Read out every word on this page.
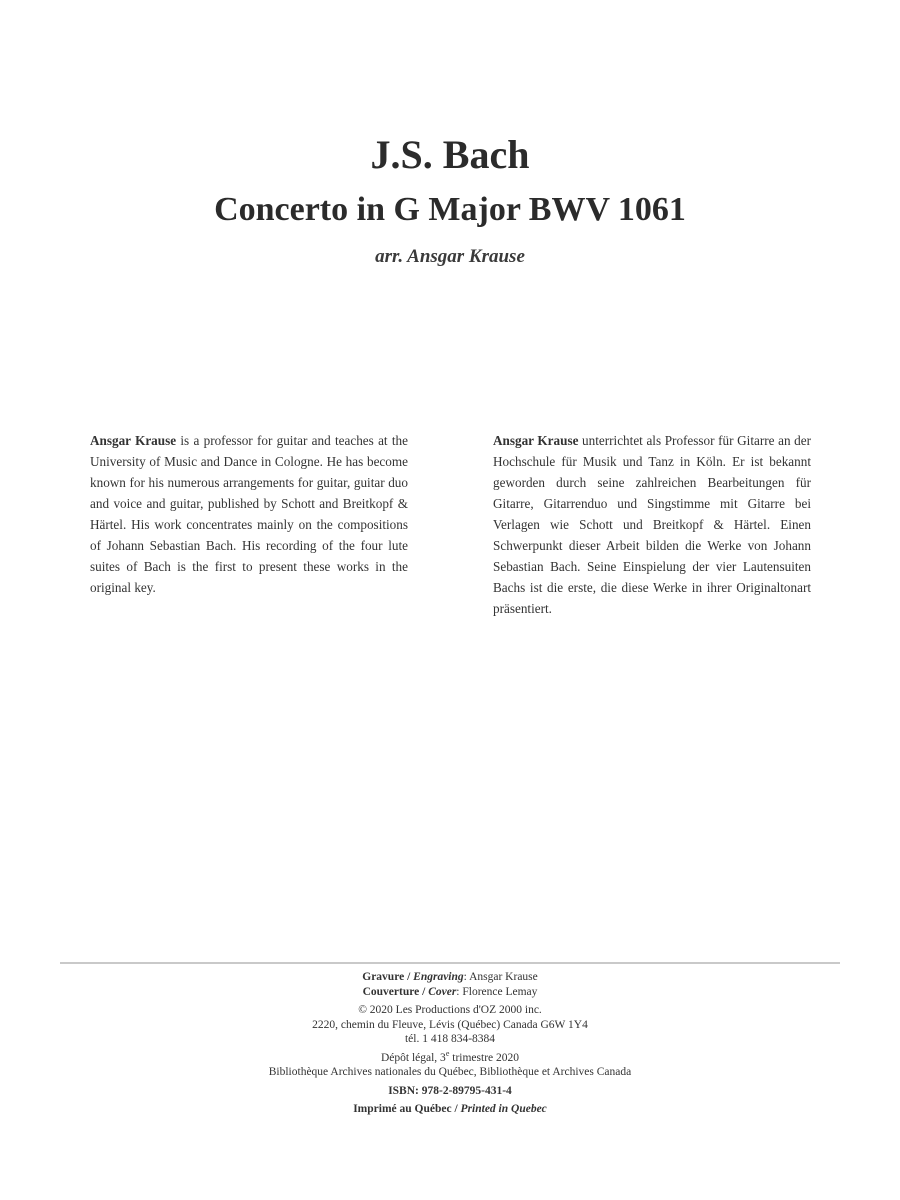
J.S. Bach
Concerto in G Major BWV 1061

arr. Ansgar Krause

Ansgar Krause is a professor for guitar and teaches at the University of Music and Dance in Cologne. He has become known for his numerous arrangements for guitar, guitar duo and voice and guitar, published by Schott and Breitkopf & Härtel. His work concentrates mainly on the compositions of Johann Sebastian Bach. His recording of the four lute suites of Bach is the first to present these works in the original key.
Ansgar Krause unterrichtet als Professor für Gitarre an der Hochschule für Musik und Tanz in Köln. Er ist bekannt geworden durch seine zahlreichen Bearbeitungen für Gitarre, Gitarrenduo und Singstimme mit Gitarre bei Verlagen wie Schott und Breitkopf & Härtel. Einen Schwerpunkt dieser Arbeit bilden die Werke von Johann Sebastian Bach. Seine Einspielung der vier Lautensuiten Bachs ist die erste, die diese Werke in ihrer Originaltonart präsentiert.
Gravure / Engraving: Ansgar Krause
Couverture / Cover: Florence Lemay
© 2020 Les Productions d'OZ 2000 inc.
2220, chemin du Fleuve, Lévis (Québec) Canada G6W 1Y4
tél. 1 418 834-8384
Dépôt légal, 3e trimestre 2020
Bibliothèque Archives nationales du Québec, Bibliothèque et Archives Canada
ISBN: 978-2-89795-431-4
Imprimé au Québec / Printed in Quebec
